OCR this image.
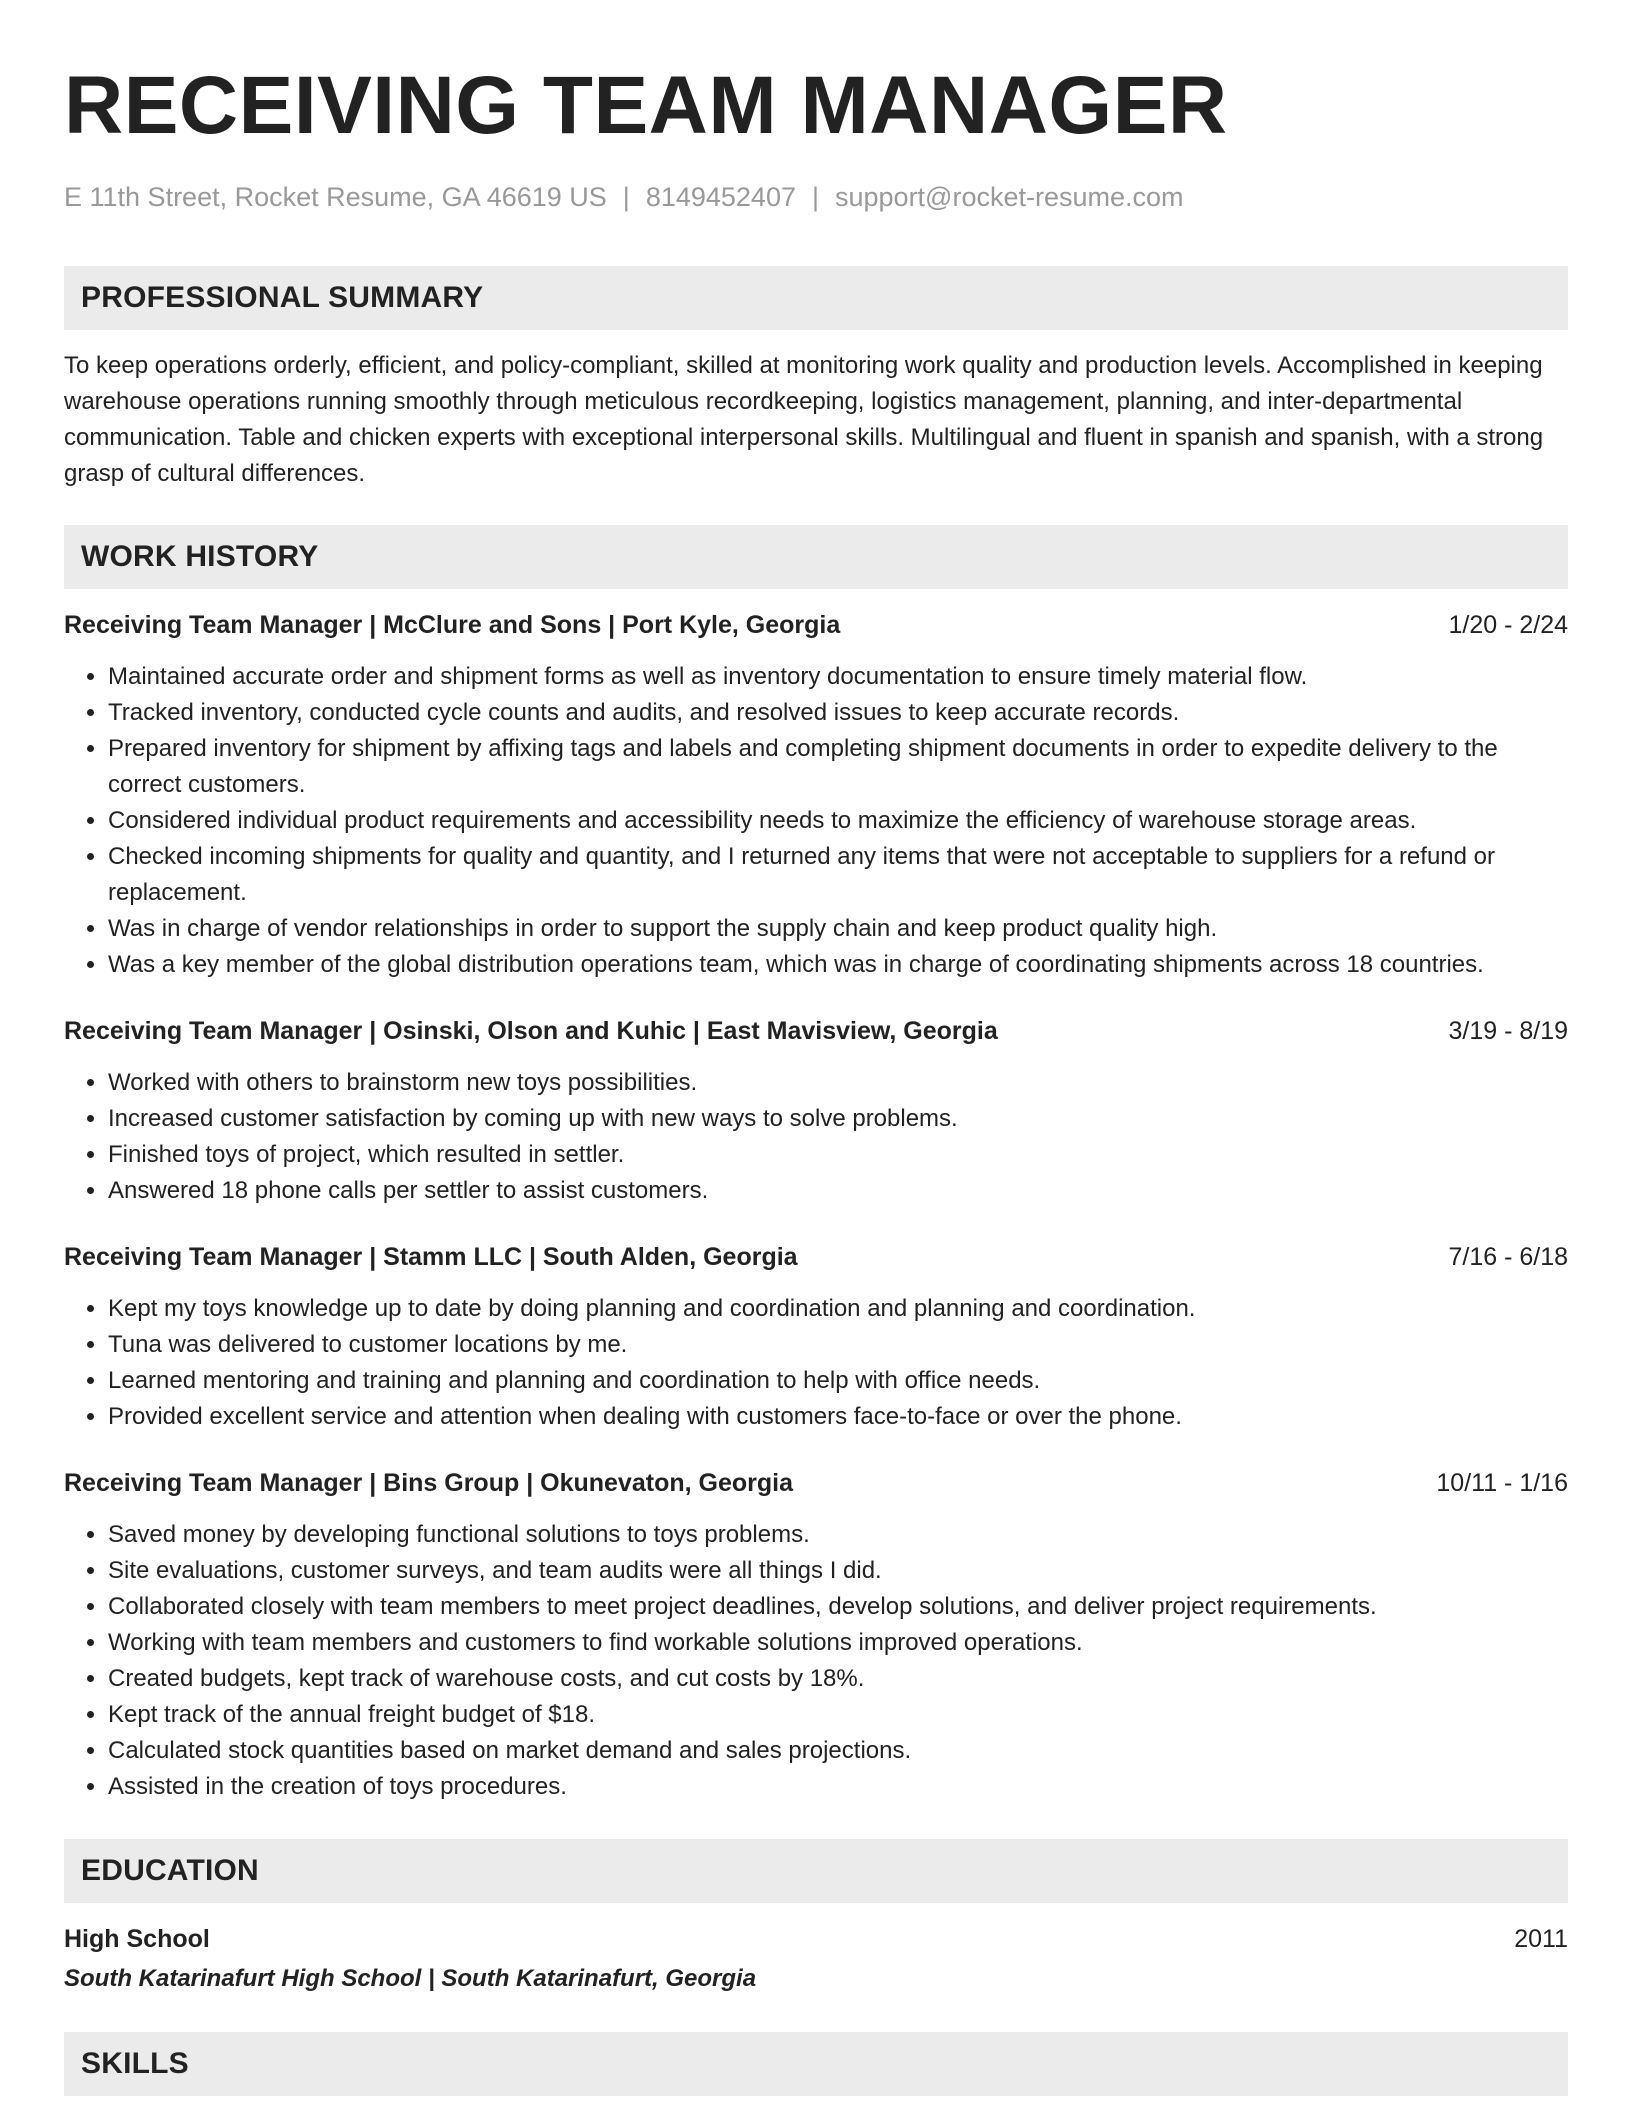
RECEIVING TEAM MANAGER
E 11th Street, Rocket Resume, GA 46619 US | 8149452407 | support@rocket-resume.com
PROFESSIONAL SUMMARY
To keep operations orderly, efficient, and policy-compliant, skilled at monitoring work quality and production levels. Accomplished in keeping warehouse operations running smoothly through meticulous recordkeeping, logistics management, planning, and inter-departmental communication. Table and chicken experts with exceptional interpersonal skills. Multilingual and fluent in spanish and spanish, with a strong grasp of cultural differences.
WORK HISTORY
Receiving Team Manager | McClure and Sons | Port Kyle, Georgia	1/20 - 2/24
• Maintained accurate order and shipment forms as well as inventory documentation to ensure timely material flow.
• Tracked inventory, conducted cycle counts and audits, and resolved issues to keep accurate records.
• Prepared inventory for shipment by affixing tags and labels and completing shipment documents in order to expedite delivery to the correct customers.
• Considered individual product requirements and accessibility needs to maximize the efficiency of warehouse storage areas.
• Checked incoming shipments for quality and quantity, and I returned any items that were not acceptable to suppliers for a refund or replacement.
• Was in charge of vendor relationships in order to support the supply chain and keep product quality high.
• Was a key member of the global distribution operations team, which was in charge of coordinating shipments across 18 countries.
Receiving Team Manager | Osinski, Olson and Kuhic | East Mavisview, Georgia	3/19 - 8/19
• Worked with others to brainstorm new toys possibilities.
• Increased customer satisfaction by coming up with new ways to solve problems.
• Finished toys of project, which resulted in settler.
• Answered 18 phone calls per settler to assist customers.
Receiving Team Manager | Stamm LLC | South Alden, Georgia	7/16 - 6/18
• Kept my toys knowledge up to date by doing planning and coordination and planning and coordination.
• Tuna was delivered to customer locations by me.
• Learned mentoring and training and planning and coordination to help with office needs.
• Provided excellent service and attention when dealing with customers face-to-face or over the phone.
Receiving Team Manager | Bins Group | Okunevaton, Georgia	10/11 - 1/16
• Saved money by developing functional solutions to toys problems.
• Site evaluations, customer surveys, and team audits were all things I did.
• Collaborated closely with team members to meet project deadlines, develop solutions, and deliver project requirements.
• Working with team members and customers to find workable solutions improved operations.
• Created budgets, kept track of warehouse costs, and cut costs by 18%.
• Kept track of the annual freight budget of $18.
• Calculated stock quantities based on market demand and sales projections.
• Assisted in the creation of toys procedures.
EDUCATION
High School	2011
South Katarinafurt High School | South Katarinafurt, Georgia
SKILLS
